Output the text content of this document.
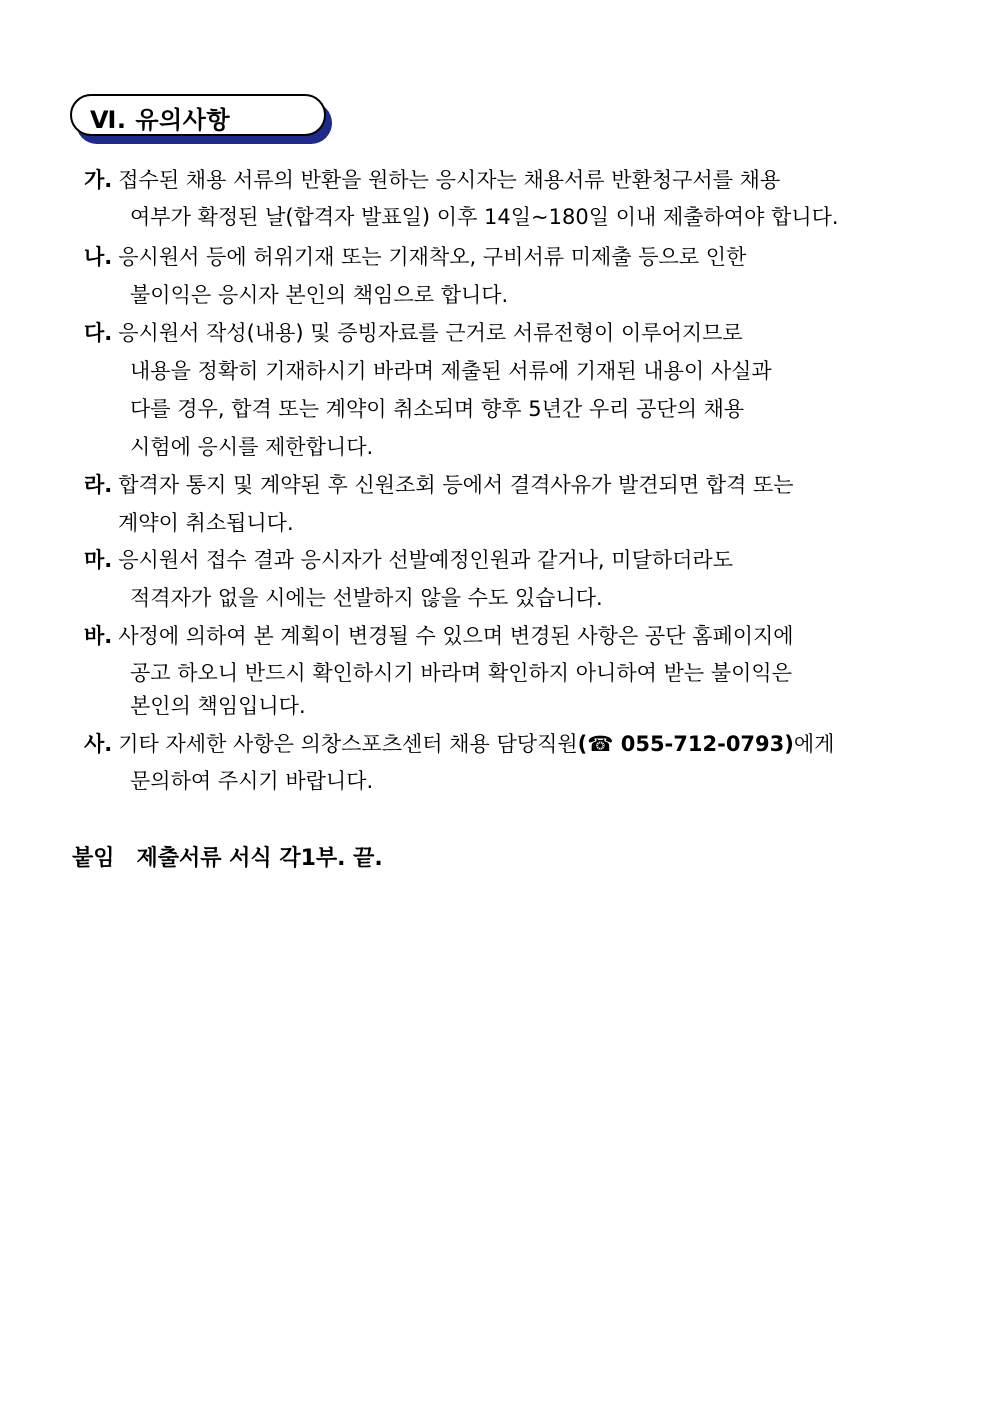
Ⅵ. 유의사항
가. 접수된 채용 서류의 반환을 원하는 응시자는 채용서류 반환청구서를 채용
여부가 확정된 날(합격자 발표일) 이후 14일~180일 이내 제출하여야 합니다.
나. 응시원서 등에 허위기재 또는 기재착오, 구비서류 미제출 등으로 인한
불이익은 응시자 본인의 책임으로 합니다.
다. 응시원서 작성(내용) 및 증빙자료를 근거로 서류전형이 이루어지므로
내용을 정확히 기재하시기 바라며 제출된 서류에 기재된 내용이 사실과
다를 경우, 합격 또는 계약이 취소되며 향후 5년간 우리 공단의 채용
시험에 응시를 제한합니다.
라. 합격자 통지 및 계약된 후 신원조회 등에서 결격사유가 발견되면 합격 또는
계약이 취소됩니다.
마. 응시원서 접수 결과 응시자가 선발예정인원과 같거나, 미달하더라도
적격자가 없을 시에는 선발하지 않을 수도 있습니다.
바. 사정에 의하여 본 계획이 변경될 수 있으며 변경된 사항은 공단 홈페이지에
공고 하오니 반드시 확인하시기 바라며 확인하지 아니하여 받는 불이익은
본인의 책임입니다.
사. 기타 자세한 사항은 의창스포츠센터 채용 담당직원(☎ 055-712-0793)에게
문의하여 주시기 바랍니다.
붙임 제출서류 서식 각1부. 끝.
